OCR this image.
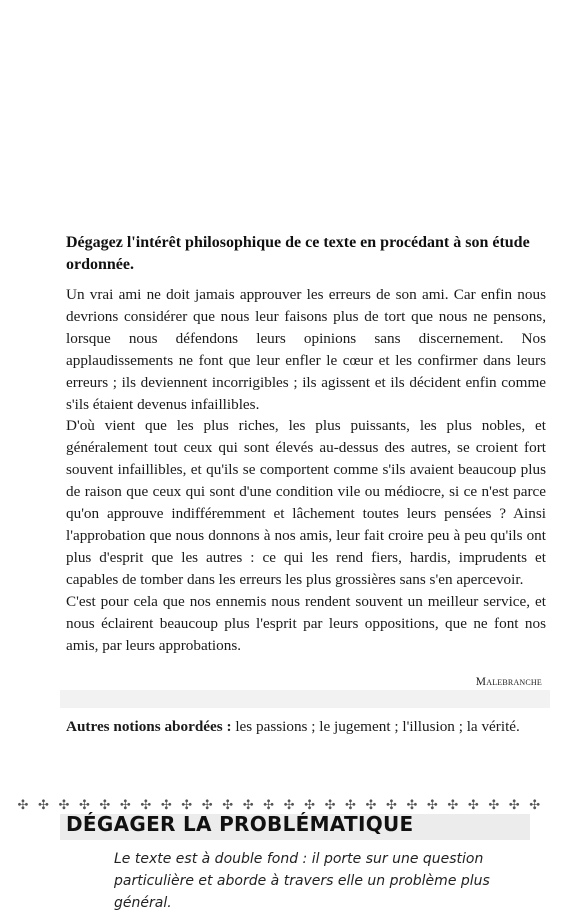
Dégagez l'intérêt philosophique de ce texte en procédant à son étude ordonnée.

Un vrai ami ne doit jamais approuver les erreurs de son ami. Car enfin nous devrions considérer que nous leur faisons plus de tort que nous ne pensons, lorsque nous défendons leurs opinions sans discernement. Nos applaudissements ne font que leur enfler le cœur et les confirmer dans leurs erreurs ; ils deviennent incorrigibles ; ils agissent et ils décident enfin comme s'ils étaient devenus infaillibles.

D'où vient que les plus riches, les plus puissants, les plus nobles, et généralement tout ceux qui sont élevés au-dessus des autres, se croient fort souvent infaillibles, et qu'ils se comportent comme s'ils avaient beaucoup plus de raison que ceux qui sont d'une condition vile ou médiocre, si ce n'est parce qu'on approuve indifféremment et lâchement toutes leurs pensées ? Ainsi l'approbation que nous donnons à nos amis, leur fait croire peu à peu qu'ils ont plus d'esprit que les autres : ce qui les rend fiers, hardis, imprudents et capables de tomber dans les erreurs les plus grossières sans s'en apercevoir.

C'est pour cela que nos ennemis nous rendent souvent un meilleur service, et nous éclairent beaucoup plus l'esprit par leurs oppositions, que ne font nos amis, par leurs approbations.

Malebranche
Autres notions abordées : les passions ; le jugement ; l'illusion ; la vérité.
✣ ✣ ✣ ✣ ✣ ✣ ✣ ✣ ✣ ✣ ✣ ✣ ✣ ✣ ✣ ✣ ✣ ✣ ✣ ✣ ✣ ✣ ✣ ✣ ✣ ✣
DÉGAGER LA PROBLÉMATIQUE
Le texte est à double fond : il porte sur une question particulière et aborde à travers elle un problème plus général.
